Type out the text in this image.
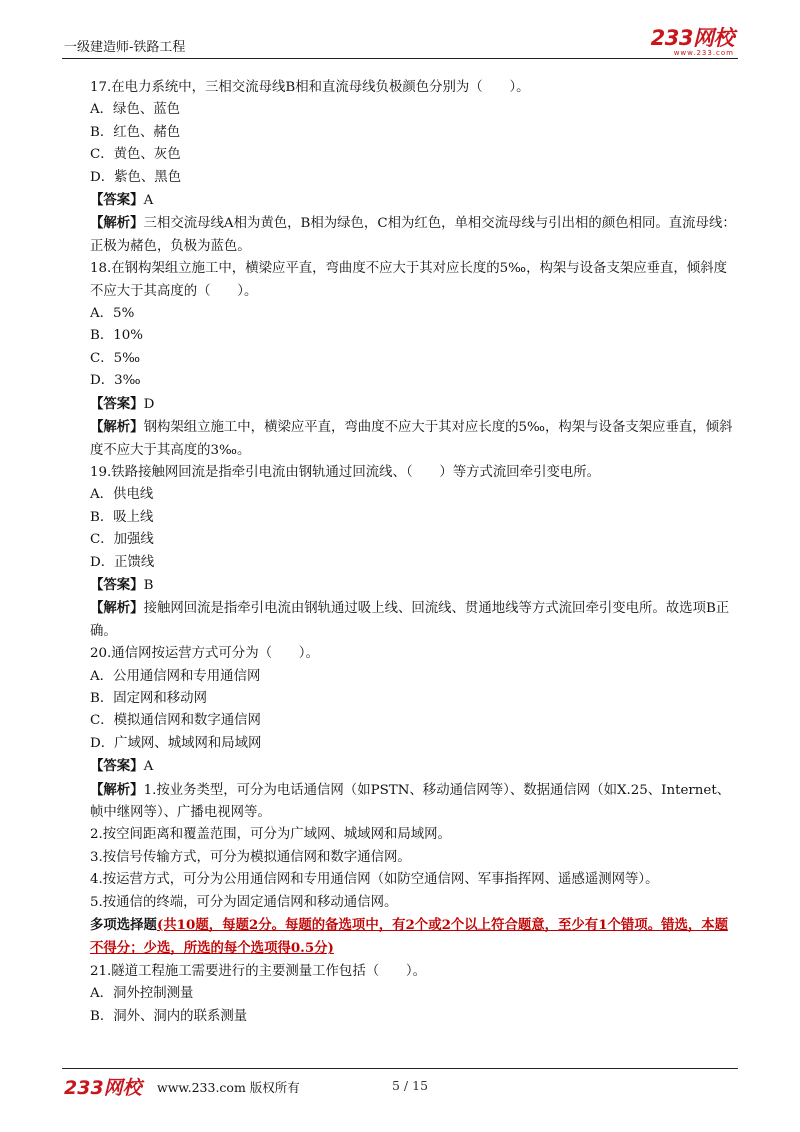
一级建造师-铁路工程	233网校
www.233.com

17.在电力系统中，三相交流母线B相和直流母线负极颜色分别为（　　）。

A．绿色、蓝色

B．红色、赭色

C．黄色、灰色

D．紫色、黑色

【答案】A

【解析】三相交流母线A相为黄色，B相为绿色，C相为红色，单相交流母线与引出相的颜色相同。直流母线：正极为赭色，负极为蓝色。

18.在钢构架组立施工中，横梁应平直，弯曲度不应大于其对应长度的5‰，构架与设备支架应垂直，倾斜度不应大于其高度的（　　）。

A．5%

B．10%

C．5‰

D．3‰

【答案】D

【解析】钢构架组立施工中，横梁应平直，弯曲度不应大于其对应长度的5‰，构架与设备支架应垂直，倾斜度不应大于其高度的3‰。

19.铁路接触网回流是指牵引电流由钢轨通过回流线、（　　）等方式流回牵引变电所。

A．供电线

B．吸上线

C．加强线

D．正馈线

【答案】B

【解析】接触网回流是指牵引电流由钢轨通过吸上线、回流线、贯通地线等方式流回牵引变电所。故选项B正确。

20.通信网按运营方式可分为（　　）。

A．公用通信网和专用通信网

B．固定网和移动网

C．模拟通信网和数字通信网

D．广域网、城域网和局域网

【答案】A

【解析】1.按业务类型，可分为电话通信网（如PSTN、移动通信网等）、数据通信网（如X.25、Internet、帧中继网等）、广播电视网等。

2.按空间距离和覆盖范围，可分为广域网、城域网和局域网。

3.按信号传输方式，可分为模拟通信网和数字通信网。

4.按运营方式，可分为公用通信网和专用通信网（如防空通信网、军事指挥网、遥感遥测网等）。

5.按通信的终端，可分为固定通信网和移动通信网。

多项选择题(共10题，每题2分。每题的备选项中，有2个或2个以上符合题意，至少有1个错项。错选，本题不得分；少选，所选的每个选项得0.5分)

21.隧道工程施工需要进行的主要测量工作包括（　　）。

A．洞外控制测量

B．洞外、洞内的联系测量

233网校 www.233.com 版权所有	5 / 15
